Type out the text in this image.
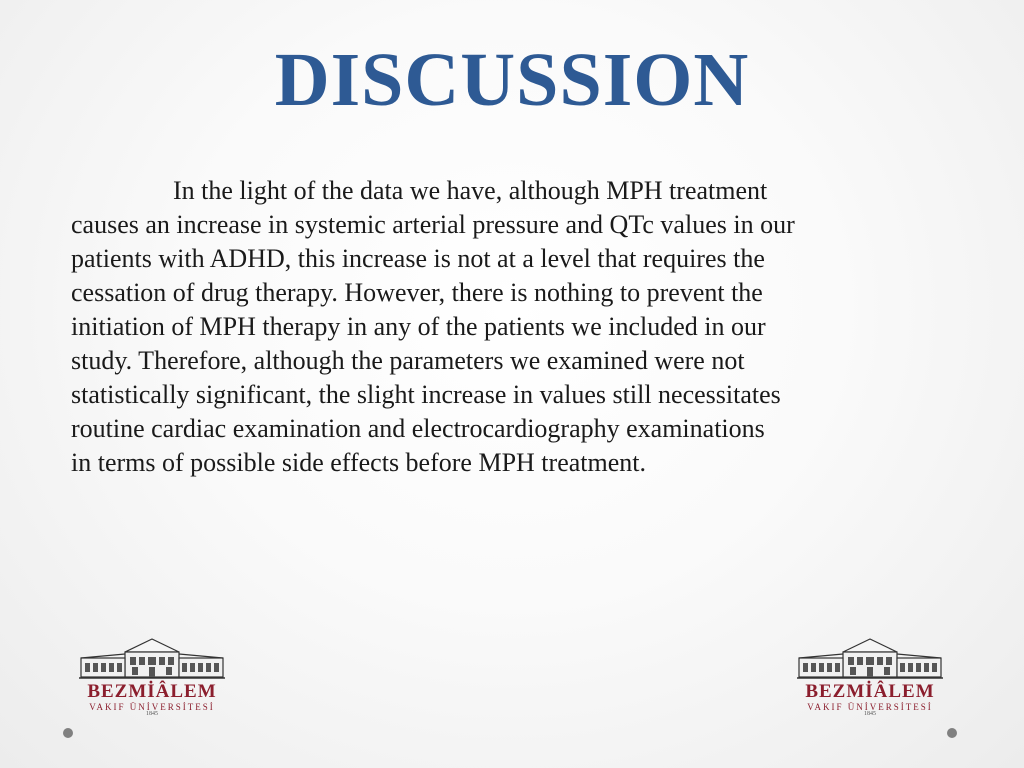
DISCUSSION

In the light of the data we have, although MPH treatment

causes an increase in systemic arterial pressure and QTc values in our

patients with ADHD, this increase is not at a level that requires the

cessation of drug therapy. However, there is nothing to prevent the

initiation of MPH therapy in any of the patients we included in our

study. Therefore, although the parameters we examined were not

statistically significant, the slight increase in values still necessitates

routine cardiac examination and electrocardiography examinations

in terms of possible side effects before MPH treatment.

BEZMİÂLEM
VAKIF ÜNİVERSİTESİ
1845
BEZMİÂLEM
VAKIF ÜNİVERSİTESİ
1845
